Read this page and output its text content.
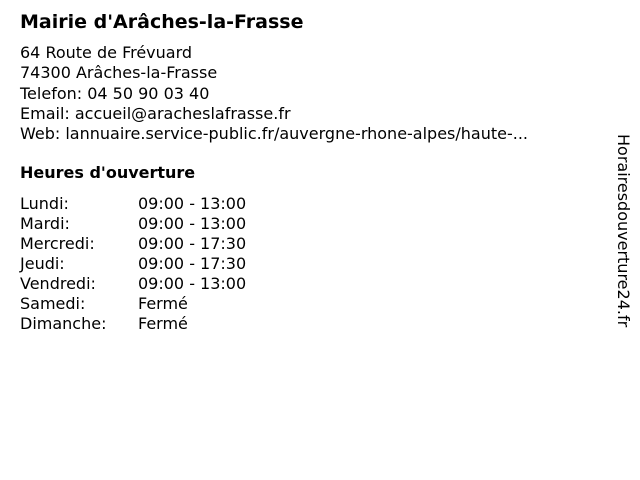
Mairie d'Arâches-la-Frasse
64 Route de Frévuard
74300 Arâches-la-Frasse
Telefon: 04 50 90 03 40
Email: accueil@aracheslafrasse.fr
Web: lannuaire.service-public.fr/auvergne-rhone-alpes/haute-...
Heures d'ouverture
Lundi:	09:00 - 13:00
Mardi:	09:00 - 13:00
Mercredi:	09:00 - 17:30
Jeudi:	09:00 - 17:30
Vendredi:	09:00 - 13:00
Samedi:	Fermé
Dimanche: Fermé	Horairesdouverture24.fr
